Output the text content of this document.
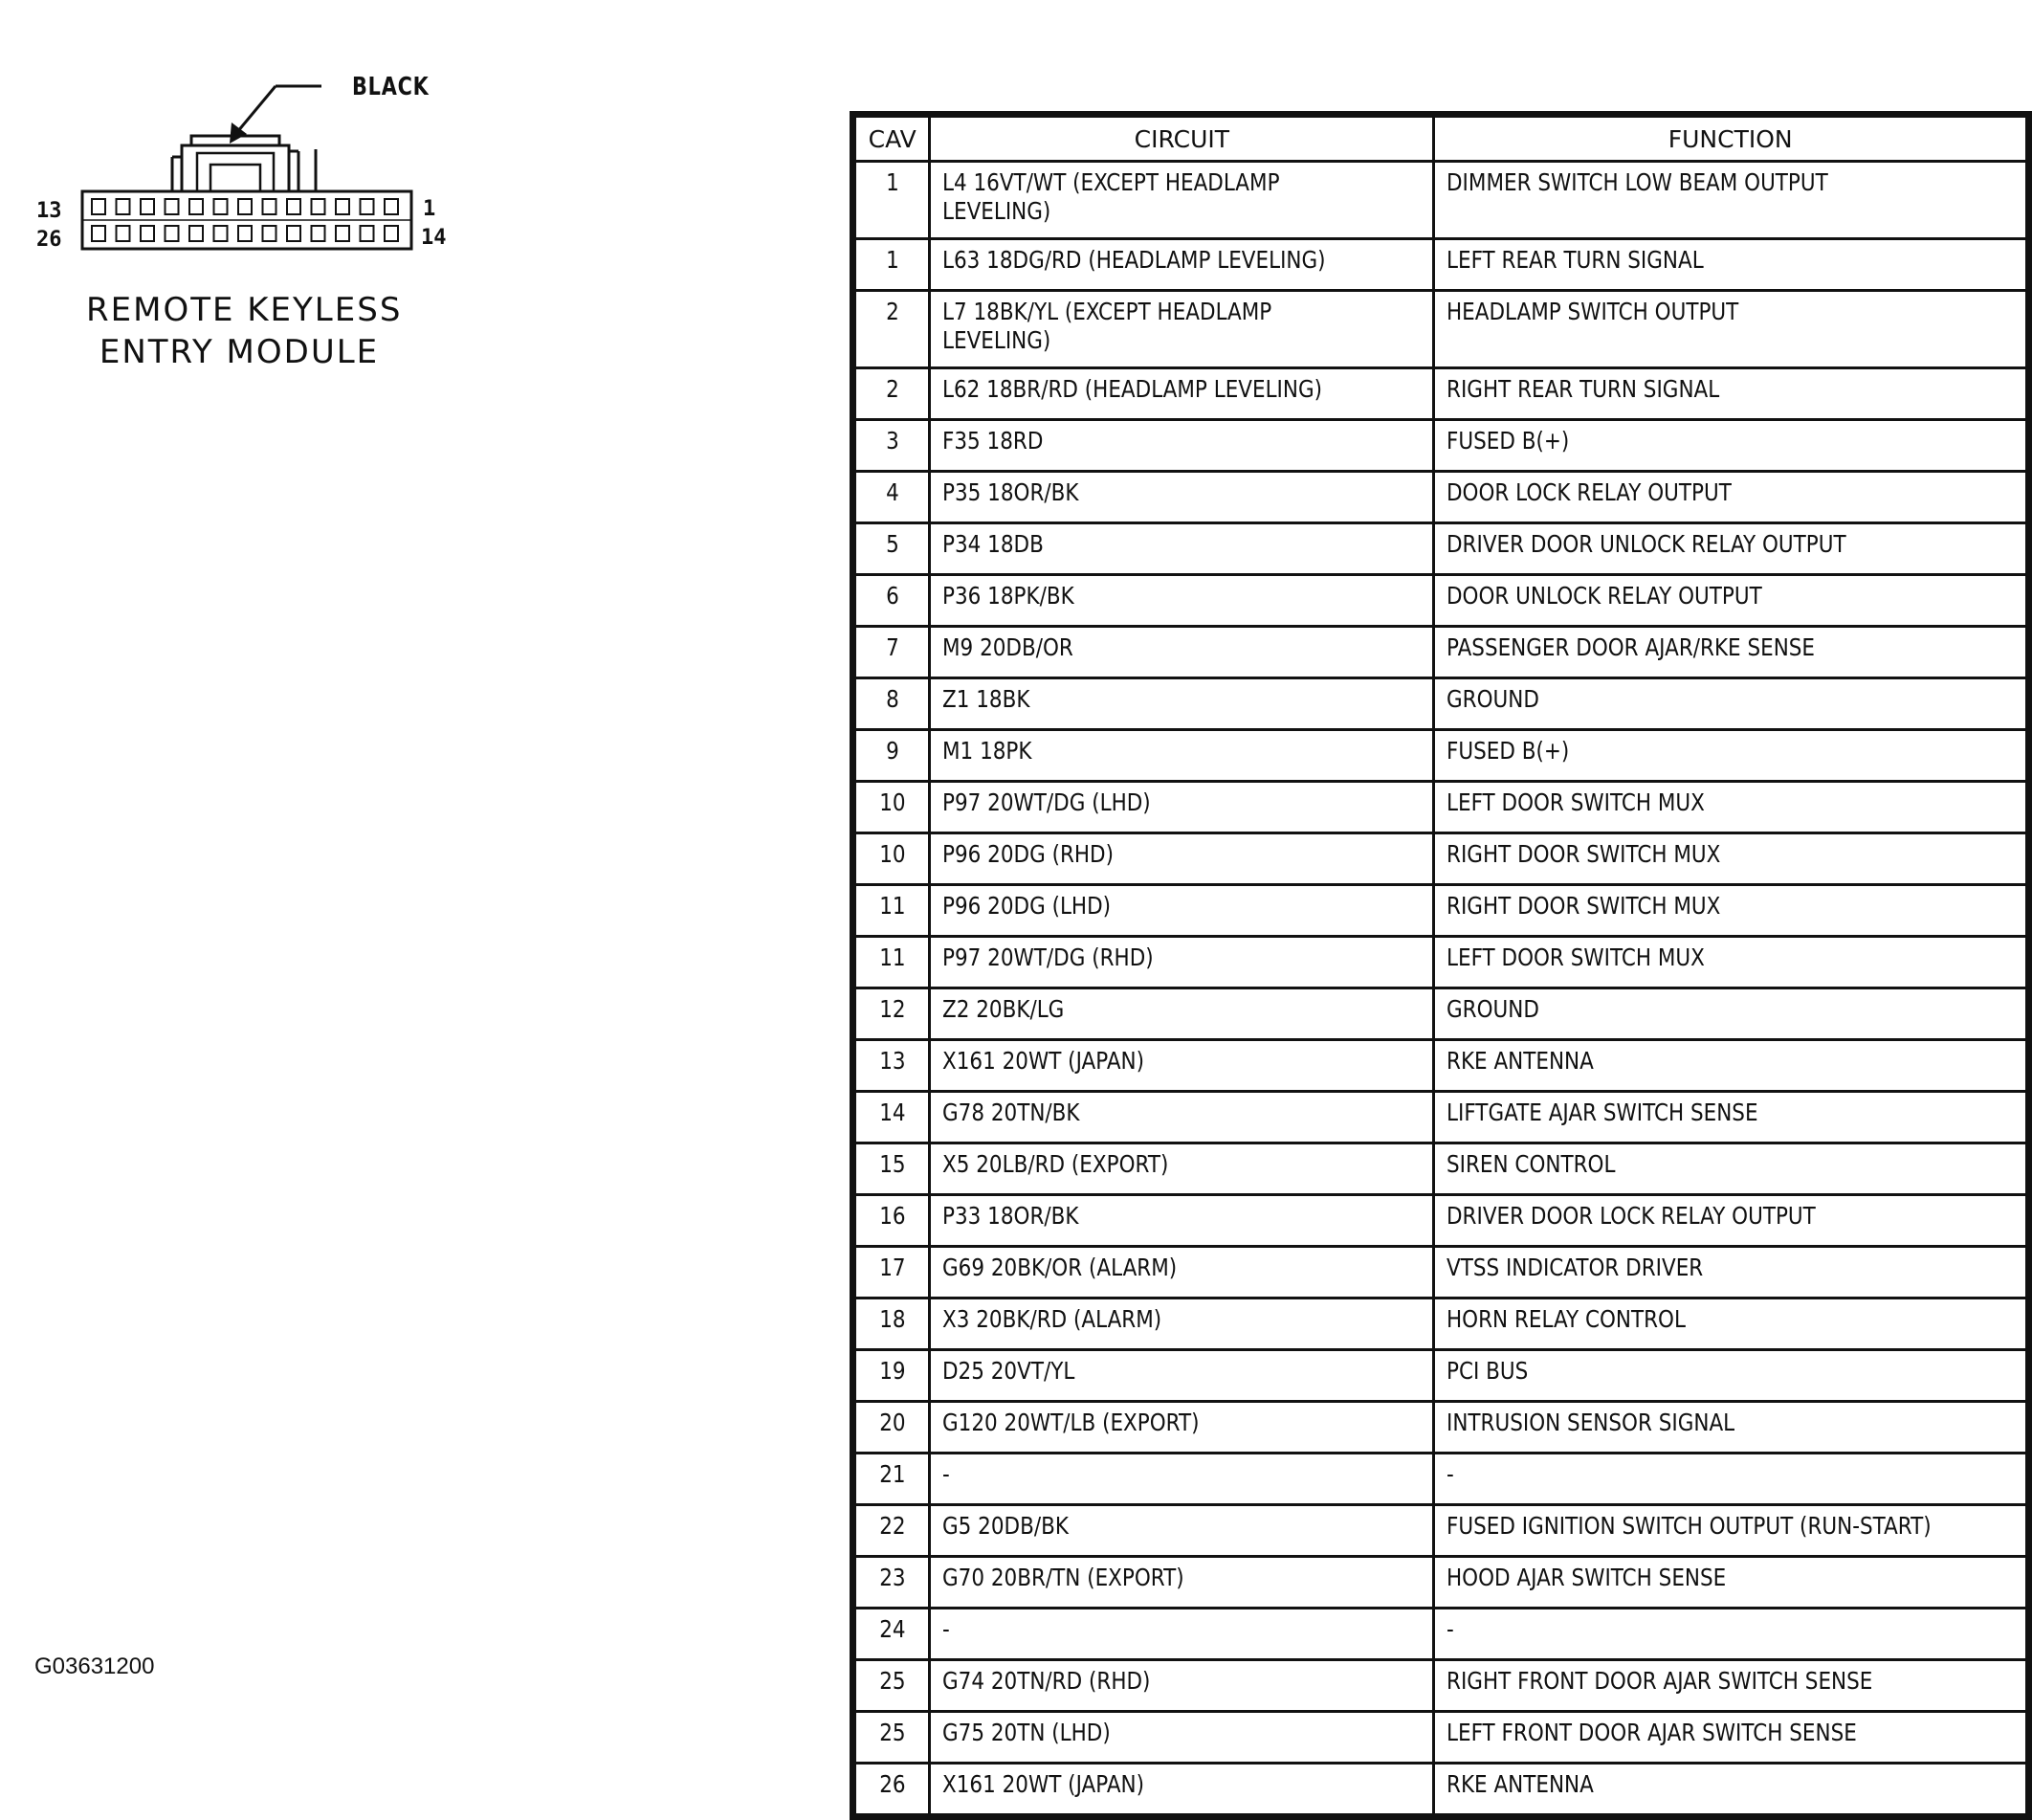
BLACK
13	1
26	14
REMOTE KEYLESS
ENTRY MODULE
CAV	CIRCUIT	FUNCTION
1	L4 16VT/WT (EXCEPT HEADLAMP LEVELING)	DIMMER SWITCH LOW BEAM OUTPUT
1	L63 18DG/RD (HEADLAMP LEVELING)	LEFT REAR TURN SIGNAL
2	L7 18BK/YL (EXCEPT HEADLAMP LEVELING)	HEADLAMP SWITCH OUTPUT
2	L62 18BR/RD (HEADLAMP LEVELING)	RIGHT REAR TURN SIGNAL
3	F35 18RD	FUSED B(+)
4	P35 18OR/BK	DOOR LOCK RELAY OUTPUT
5	P34 18DB	DRIVER DOOR UNLOCK RELAY OUTPUT
6	P36 18PK/BK	DOOR UNLOCK RELAY OUTPUT
7	M9 20DB/OR	PASSENGER DOOR AJAR/RKE SENSE
8	Z1 18BK	GROUND
9	M1 18PK	FUSED B(+)
10	P97 20WT/DG (LHD)	LEFT DOOR SWITCH MUX
10	P96 20DG (RHD)	RIGHT DOOR SWITCH MUX
11	P96 20DG (LHD)	RIGHT DOOR SWITCH MUX
11	P97 20WT/DG (RHD)	LEFT DOOR SWITCH MUX
12	Z2 20BK/LG	GROUND
13	X161 20WT (JAPAN)	RKE ANTENNA
14	G78 20TN/BK	LIFTGATE AJAR SWITCH SENSE
15	X5 20LB/RD (EXPORT)	SIREN CONTROL
16	P33 18OR/BK	DRIVER DOOR LOCK RELAY OUTPUT
17	G69 20BK/OR (ALARM)	VTSS INDICATOR DRIVER
18	X3 20BK/RD (ALARM)	HORN RELAY CONTROL
19	D25 20VT/YL	PCI BUS
20	G120 20WT/LB (EXPORT)	INTRUSION SENSOR SIGNAL
21	-	-
22	G5 20DB/BK	FUSED IGNITION SWITCH OUTPUT (RUN-START)
23	G70 20BR/TN (EXPORT)	HOOD AJAR SWITCH SENSE
24	-	-
25	G74 20TN/RD (RHD)	RIGHT FRONT DOOR AJAR SWITCH SENSE
25	G75 20TN (LHD)	LEFT FRONT DOOR AJAR SWITCH SENSE
26	X161 20WT (JAPAN)	RKE ANTENNA
G03631200
